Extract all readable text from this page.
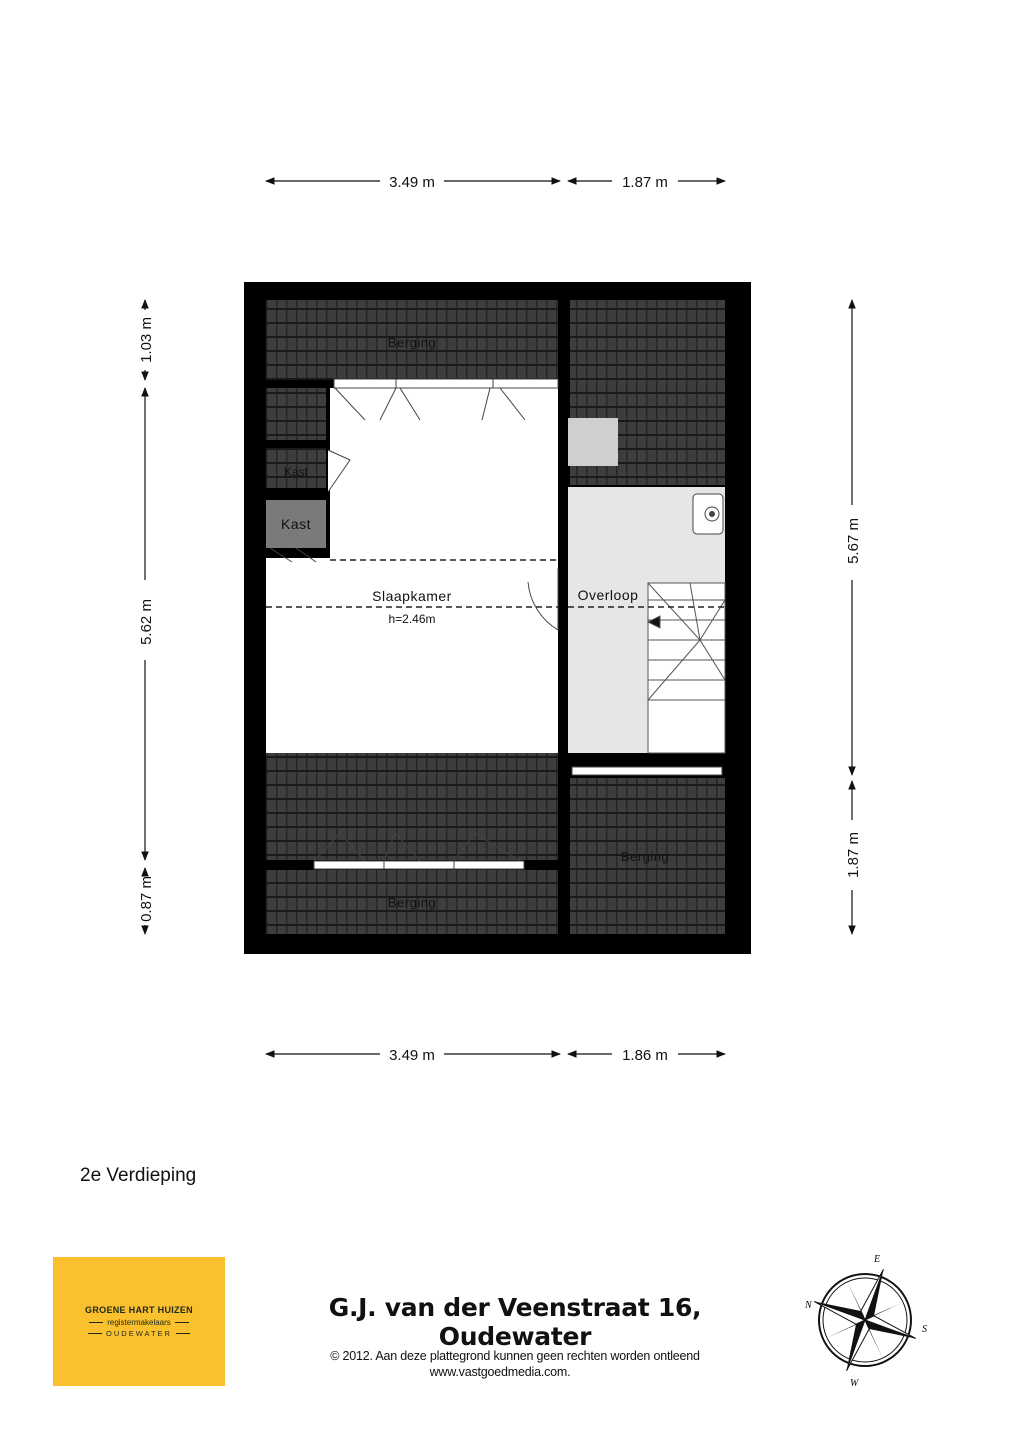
Berging
Kast
Kast
Slaapkamer
h=2.46m
Overloop
Berging
Berging
3.49 m	1.87 m
3.49 m	1.86 m
1.03 m
5.62 m
0.87 m
5.67 m
1.87 m
2e Verdieping
GROENE HART HUIZEN
registermakelaars
OUDEWATER
G.J. van der Veenstraat 16, Oudewater
© 2012. Aan deze plattegrond kunnen geen rechten worden ontleend
www.vastgoedmedia.com.
N
E
S
W
